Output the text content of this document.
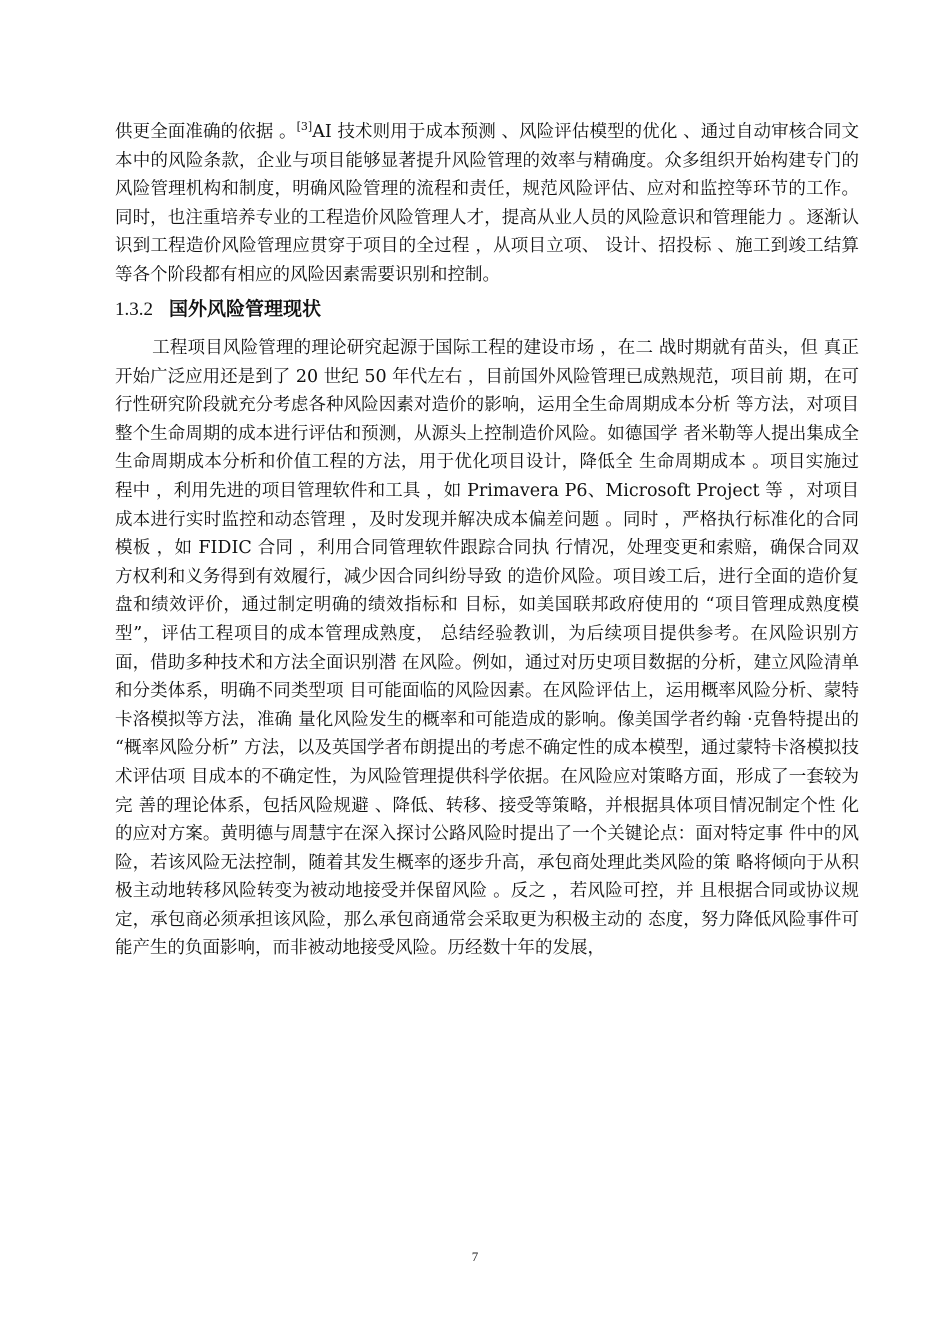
供更全面准确的依据 。[3]AI 技术则用于成本预测 、风险评估模型的优化 、通过自动审核合同文本中的风险条款，企业与项目能够显著提升风险管理的效率与精确度。众多组织开始构建专门的风险管理机构和制度，明确风险管理的流程和责任，规范风险评估、应对和监控等环节的工作。同时，也注重培养专业的工程造价风险管理人才，提高从业人员的风险意识和管理能力 。逐渐认识到工程造价风险管理应贯穿于项目的全过程 ，从项目立项、 设计、招投标 、施工到竣工结算等各个阶段都有相应的风险因素需要识别和控制。

1.3.2 国外风险管理现状

工程项目风险管理的理论研究起源于国际工程的建设市场 ，在二 战时期就有苗头，但 真正开始广泛应用还是到了 20 世纪 50 年代左右 ，目前国外风险管理已成熟规范，项目前 期，在可行性研究阶段就充分考虑各种风险因素对造价的影响，运用全生命周期成本分析 等方法，对项目整个生命周期的成本进行评估和预测，从源头上控制造价风险。如德国学 者米勒等人提出集成全生命周期成本分析和价值工程的方法，用于优化项目设计，降低全 生命周期成本 。项目实施过程中 ，利用先进的项目管理软件和工具 ，如 Primavera P6、Microsoft Project 等 ，对项目成本进行实时监控和动态管理 ，及时发现并解决成本偏差问题 。同时 ，严格执行标准化的合同模板 ，如 FIDIC 合同 ，利用合同管理软件跟踪合同执 行情况，处理变更和索赔，确保合同双方权利和义务得到有效履行，减少因合同纠纷导致 的造价风险。项目竣工后，进行全面的造价复盘和绩效评价，通过制定明确的绩效指标和 目标，如美国联邦政府使用的 “项目管理成熟度模型”，评估工程项目的成本管理成熟度， 总结经验教训，为后续项目提供参考。在风险识别方面，借助多种技术和方法全面识别潜 在风险。例如，通过对历史项目数据的分析，建立风险清单和分类体系，明确不同类型项 目可能面临的风险因素。在风险评估上，运用概率风险分析、蒙特卡洛模拟等方法，准确 量化风险发生的概率和可能造成的影响。像美国学者约翰 ·克鲁特提出的 “概率风险分析” 方法，以及英国学者布朗提出的考虑不确定性的成本模型，通过蒙特卡洛模拟技术评估项 目成本的不确定性，为风险管理提供科学依据。在风险应对策略方面，形成了一套较为完 善的理论体系，包括风险规避 、降低、转移、接受等策略，并根据具体项目情况制定个性 化的应对方案。黄明德与周慧宇在深入探讨公路风险时提出了一个关键论点：面对特定事 件中的风险，若该风险无法控制，随着其发生概率的逐步升高，承包商处理此类风险的策 略将倾向于从积极主动地转移风险转变为被动地接受并保留风险 。反之 ，若风险可控，并 且根据合同或协议规定，承包商必须承担该风险，那么承包商通常会采取更为积极主动的 态度，努力降低风险事件可能产生的负面影响，而非被动地接受风险。历经数十年的发展，

7
